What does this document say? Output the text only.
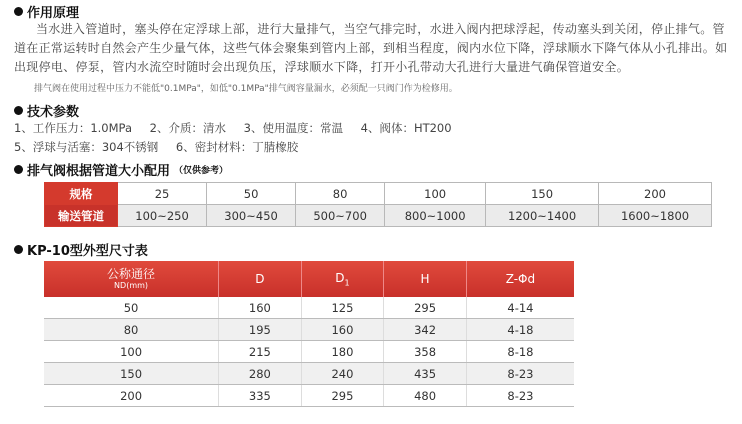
作用原理
当水进入管道时，塞头停在定浮球上部，进行大量排气，当空气排完时，水进入阀内把球浮起，传动塞头到关闭，停止排气。管道在正常运转时自然会产生少量气体，这些气体会聚集到管内上部，到相当程度，阀内水位下降，浮球顺水下降气体从小孔排出。如出现停电、停泵，管内水流空时随时会出现负压，浮球顺水下降，打开小孔带动大孔进行大量进气确保管道安全。
排气阀在使用过程中压力不能低"0.1MPa"，如低"0.1MPa"排气阀容量漏水，必须配一只阀门作为检修用。
技术参数
1、工作压力：1.0MPa 2、介质：清水 3、使用温度：常温 4、阀体：HT200
5、浮球与活塞：304不锈钢 6、密封材料：丁腈橡胶
排气阀根据管道大小配用 （仅供参考）
规格	25	50	80	100	150	200
输送管道	100~250	300~450	500~700	800~1000	1200~1400	1600~1800
KP-10型外型尺寸表
公称通径
ND(mm)	D	$D_1$	H	Z-Φd
50	160	125	295	4-14
80	195	160	342	4-18
100	215	180	358	8-18
150	280	240	435	8-23
200	335	295	480	8-23
